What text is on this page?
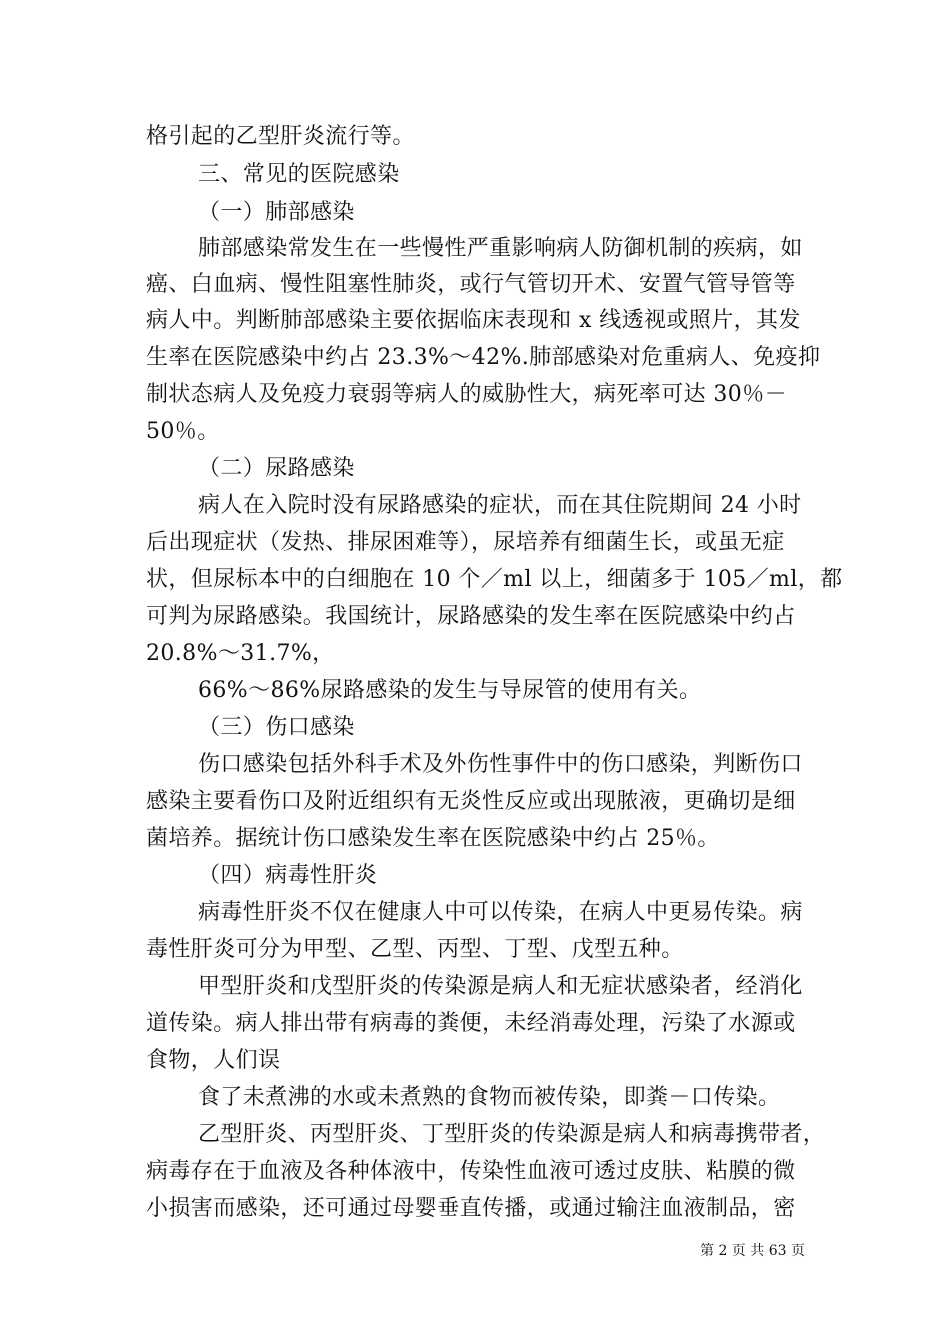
格引起的乙型肝炎流行等。
三、常见的医院感染
（一）肺部感染
肺部感染常发生在一些慢性严重影响病人防御机制的疾病，如
癌、白血病、慢性阻塞性肺炎，或行气管切开术、安置气管导管等
病人中。判断肺部感染主要依据临床表现和 x 线透视或照片，其发
生率在医院感染中约占 23.3%～42%.肺部感染对危重病人、免疫抑
制状态病人及免疫力衰弱等病人的威胁性大，病死率可达 30％－
50％。
（二）尿路感染
病人在入院时没有尿路感染的症状，而在其住院期间 24 小时
后出现症状（发热、排尿困难等），尿培养有细菌生长，或虽无症
状，但尿标本中的白细胞在 10 个／ml 以上，细菌多于 105／ml，都
可判为尿路感染。我国统计，尿路感染的发生率在医院感染中约占
20.8%～31.7%，
66%～86%尿路感染的发生与导尿管的使用有关。
（三）伤口感染
伤口感染包括外科手术及外伤性事件中的伤口感染，判断伤口
感染主要看伤口及附近组织有无炎性反应或出现脓液，更确切是细
菌培养。据统计伤口感染发生率在医院感染中约占 25％。
（四）病毒性肝炎
病毒性肝炎不仅在健康人中可以传染，在病人中更易传染。病
毒性肝炎可分为甲型、乙型、丙型、丁型、戊型五种。
甲型肝炎和戊型肝炎的传染源是病人和无症状感染者，经消化
道传染。病人排出带有病毒的粪便，未经消毒处理，污染了水源或
食物，人们误
食了未煮沸的水或未煮熟的食物而被传染，即粪－口传染。
乙型肝炎、丙型肝炎、丁型肝炎的传染源是病人和病毒携带者，
病毒存在于血液及各种体液中，传染性血液可透过皮肤、粘膜的微
小损害而感染，还可通过母婴垂直传播，或通过输注血液制品，密
第 2 页 共 63 页
